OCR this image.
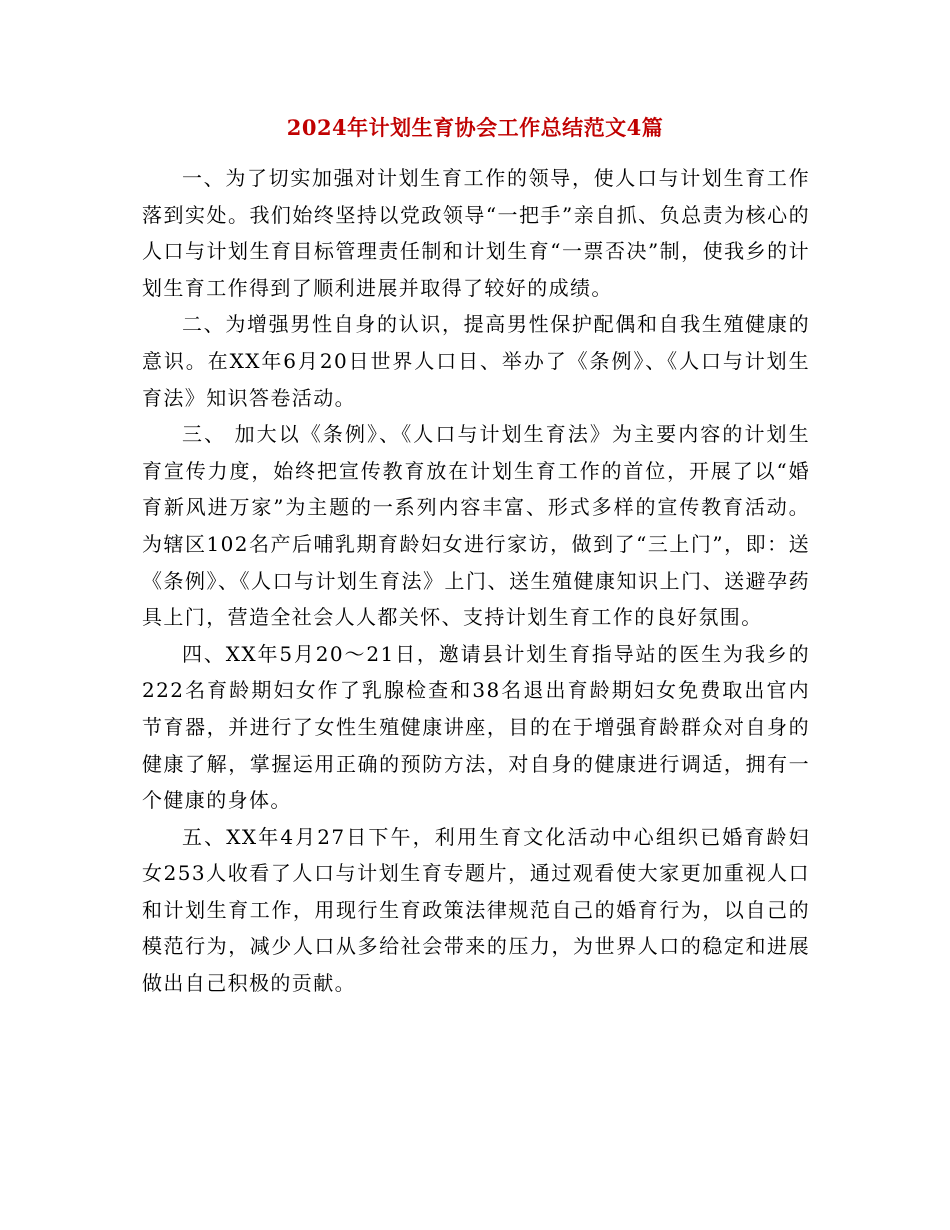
2024年计划生育协会工作总结范文4篇

一、为了切实加强对计划生育工作的领导，使人口与计划生育工作落到实处。我们始终坚持以党政领导“一把手”亲自抓、负总责为核心的人口与计划生育目标管理责任制和计划生育“一票否决”制，使我乡的计划生育工作得到了顺利进展并取得了较好的成绩。

二、为增强男性自身的认识，提高男性保护配偶和自我生殖健康的意识。在XX年6月20日世界人口日、举办了《条例》、《人口与计划生育法》知识答卷活动。

三、 加大以《条例》、《人口与计划生育法》为主要内容的计划生育宣传力度，始终把宣传教育放在计划生育工作的首位，开展了以“婚育新风进万家”为主题的一系列内容丰富、形式多样的宣传教育活动。为辖区102名产后哺乳期育龄妇女进行家访，做到了“三上门”，即：送《条例》、《人口与计划生育法》上门、送生殖健康知识上门、送避孕药具上门，营造全社会人人都关怀、支持计划生育工作的良好氛围。

四、XX年5月20～21日，邀请县计划生育指导站的医生为我乡的222名育龄期妇女作了乳腺检查和38名退出育龄期妇女免费取出官内节育器，并进行了女性生殖健康讲座，目的在于增强育龄群众对自身的健康了解，掌握运用正确的预防方法，对自身的健康进行调适，拥有一个健康的身体。

五、XX年4月27日下午，利用生育文化活动中心组织已婚育龄妇女253人收看了人口与计划生育专题片，通过观看使大家更加重视人口和计划生育工作，用现行生育政策法律规范自己的婚育行为，以自己的模范行为，减少人口从多给社会带来的压力，为世界人口的稳定和进展做出自己积极的贡献。
